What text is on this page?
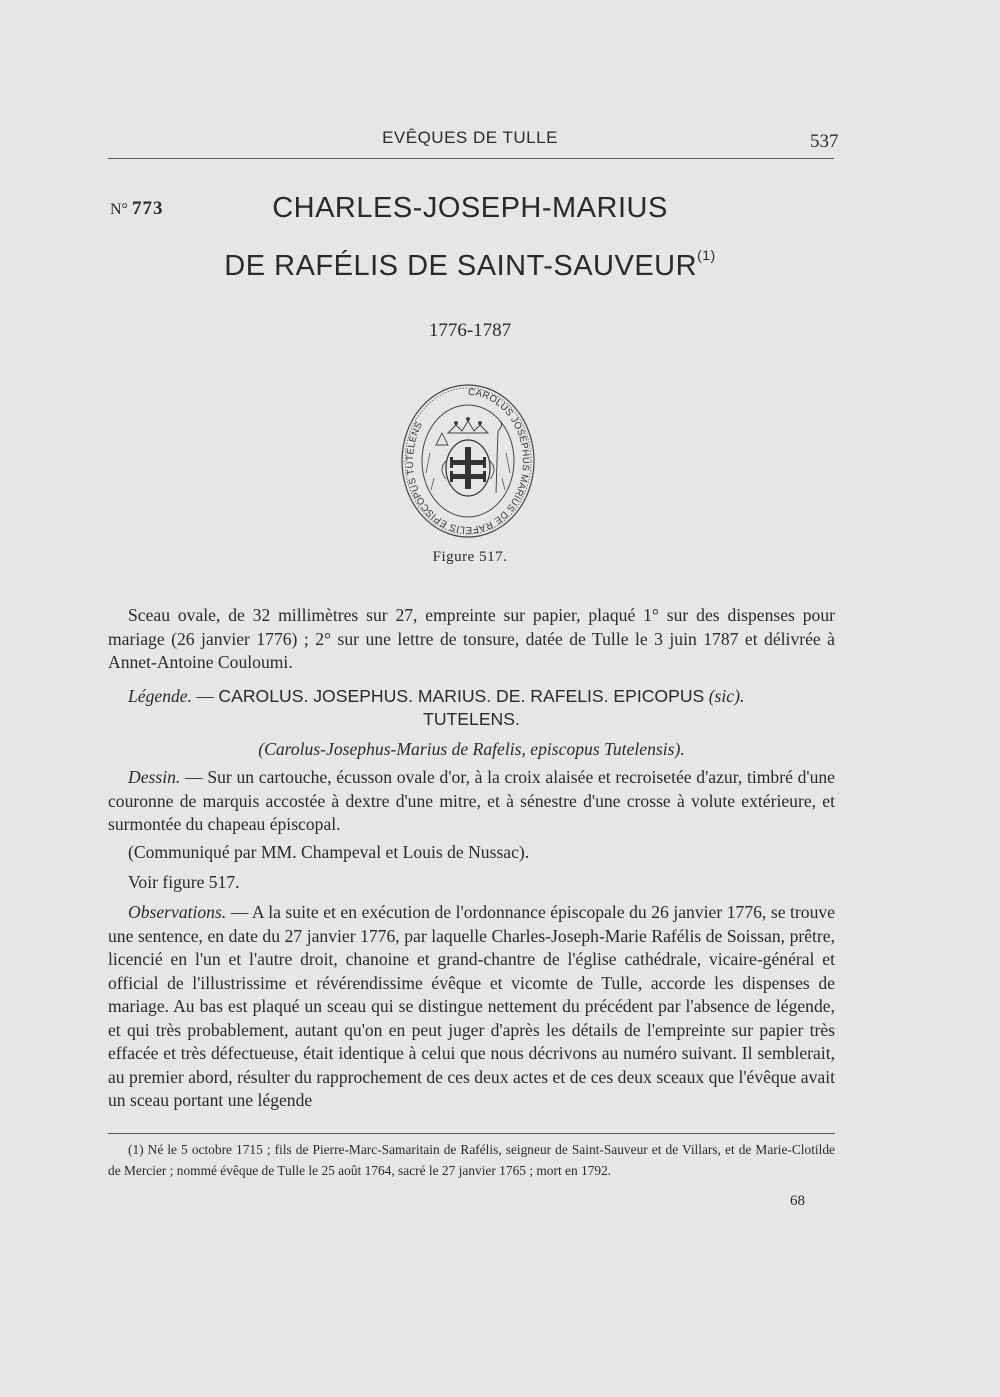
EVÊQUES DE TULLE	537
N° 773	CHARLES-JOSEPH-MARIUS
DE RAFÉLIS DE SAINT-SAUVEUR$^{(1)}$
1776-1787
CAROLUS JOSEPHUS MARIUS DE RAFELIS EPISCOPUS TUTELENS
Figure 517.
Sceau ovale, de 32 millimètres sur 27, empreinte sur papier, plaqué 1° sur des dispenses pour mariage (26 janvier 1776) ; 2° sur une lettre de tonsure, datée de Tulle le 3 juin 1787 et délivrée à Annet-Antoine Couloumi.
Légende. — CAROLUS. JOSEPHUS. MARIUS. DE. RAFELIS. EPICOPUS (sic).
TUTELENS.
(Carolus-Josephus-Marius de Rafelis, episcopus Tutelensis).
Dessin. — Sur un cartouche, écusson ovale d'or, à la croix alaisée et recroisetée d'azur, timbré d'une couronne de marquis accostée à dextre d'une mitre, et à sénestre d'une crosse à volute extérieure, et surmontée du chapeau épiscopal.
(Communiqué par MM. Champeval et Louis de Nussac).
Voir figure 517.
Observations. — A la suite et en exécution de l'ordonnance épiscopale du 26 janvier 1776, se trouve une sentence, en date du 27 janvier 1776, par laquelle Charles-Joseph-Marie Rafélis de Soissan, prêtre, licencié en l'un et l'autre droit, chanoine et grand-chantre de l'église cathédrale, vicaire-général et official de l'illustrissime et révérendissime évêque et vicomte de Tulle, accorde les dispenses de mariage. Au bas est plaqué un sceau qui se distingue nettement du précédent par l'absence de légende, et qui très probablement, autant qu'on en peut juger d'après les détails de l'empreinte sur papier très effacée et très défectueuse, était identique à celui que nous décrivons au numéro suivant. Il semblerait, au premier abord, résulter du rapprochement de ces deux actes et de ces deux sceaux que l'évêque avait un sceau portant une légende
(1) Né le 5 octobre 1715 ; fils de Pierre-Marc-Samaritain de Rafélis, seigneur de Saint-Sauveur et de Villars, et de Marie-Clotilde de Mercier ; nommé évêque de Tulle le 25 août 1764, sacré le 27 janvier 1765 ; mort en 1792.
68
